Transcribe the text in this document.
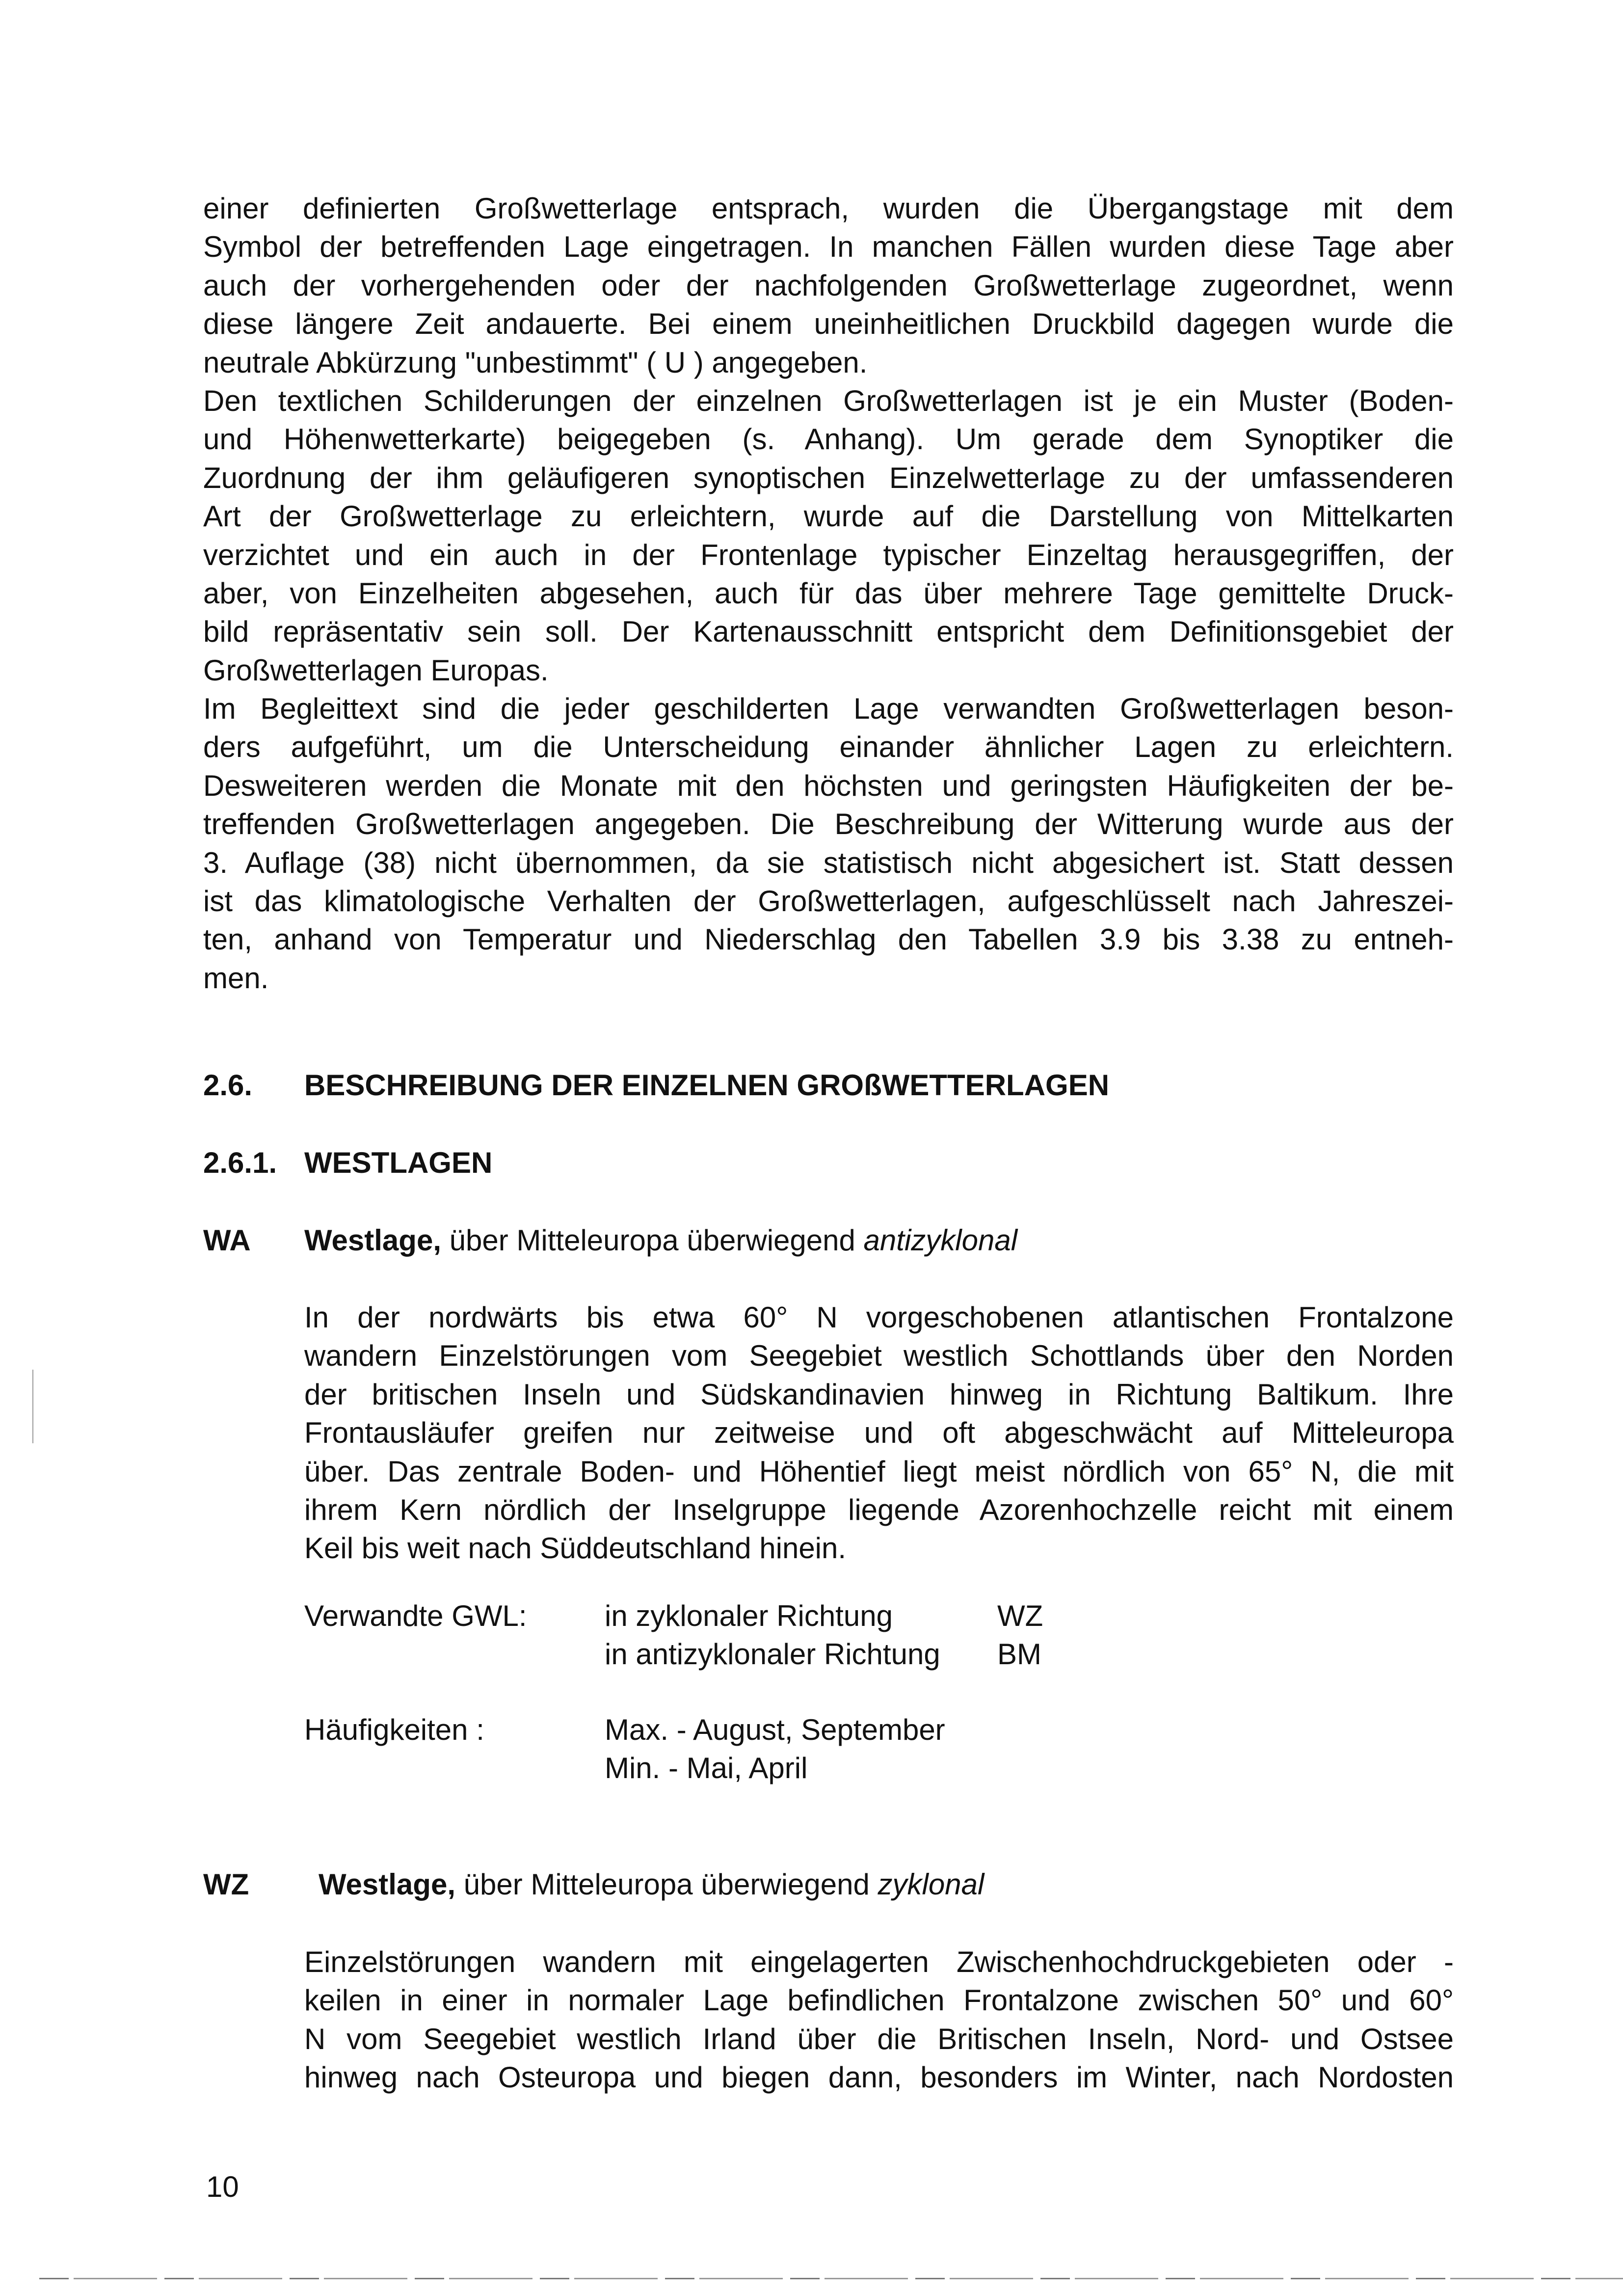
einer definierten Großwetterlage entsprach, wurden die Übergangstage mit dem
Symbol der betreffenden Lage eingetragen. In manchen Fällen wurden diese Tage aber
auch der vorhergehenden oder der nachfolgenden Großwetterlage zugeordnet, wenn
diese längere Zeit andauerte. Bei einem uneinheitlichen Druckbild dagegen wurde die
neutrale Abkürzung "unbestimmt" ( U ) angegeben.

Den textlichen Schilderungen der einzelnen Großwetterlagen ist je ein Muster (Boden-
und Höhenwetterkarte) beigegeben (s. Anhang). Um gerade dem Synoptiker die
Zuordnung der ihm geläufigeren synoptischen Einzelwetterlage zu der umfassenderen
Art der Großwetterlage zu erleichtern, wurde auf die Darstellung von Mittelkarten
verzichtet und ein auch in der Frontenlage typischer Einzeltag herausgegriffen, der
aber, von Einzelheiten abgesehen, auch für das über mehrere Tage gemittelte Druck-
bild repräsentativ sein soll. Der Kartenausschnitt entspricht dem Definitionsgebiet der
Großwetterlagen Europas.

Im Begleittext sind die jeder geschilderten Lage verwandten Großwetterlagen beson-
ders aufgeführt, um die Unterscheidung einander ähnlicher Lagen zu erleichtern.
Desweiteren werden die Monate mit den höchsten und geringsten Häufigkeiten der be-
treffenden Großwetterlagen angegeben. Die Beschreibung der Witterung wurde aus der
3. Auflage (38) nicht übernommen, da sie statistisch nicht abgesichert ist. Statt dessen
ist das klimatologische Verhalten der Großwetterlagen, aufgeschlüsselt nach Jahreszei-
ten, anhand von Temperatur und Niederschlag den Tabellen 3.9 bis 3.38 zu entneh-
men.

2.6. BESCHREIBUNG DER EINZELNEN GROßWETTERLAGEN
2.6.1. WESTLAGEN
WA Westlage, über Mitteleuropa überwiegend antizyklonal

In der nordwärts bis etwa 60° N vorgeschobenen atlantischen Frontalzone
wandern Einzelstörungen vom Seegebiet westlich Schottlands über den Norden
der britischen Inseln und Südskandinavien hinweg in Richtung Baltikum. Ihre
Frontausläufer greifen nur zeitweise und oft abgeschwächt auf Mitteleuropa
über. Das zentrale Boden- und Höhentief liegt meist nördlich von 65° N, die mit
ihrem Kern nördlich der Inselgruppe liegende Azorenhochzelle reicht mit einem
Keil bis weit nach Süddeutschland hinein.

Verwandte GWL:	in zyklonaler Richtung	WZ
in antizyklonaler Richtung BM
Häufigkeiten :	Max. - August, September
Min. - Mai, April
WZ Westlage, über Mitteleuropa überwiegend zyklonal

Einzelstörungen wandern mit eingelagerten Zwischenhochdruckgebieten oder -
keilen in einer in normaler Lage befindlichen Frontalzone zwischen 50° und 60°
N vom Seegebiet westlich Irland über die Britischen Inseln, Nord- und Ostsee
hinweg nach Osteuropa und biegen dann, besonders im Winter, nach Nordosten

10
